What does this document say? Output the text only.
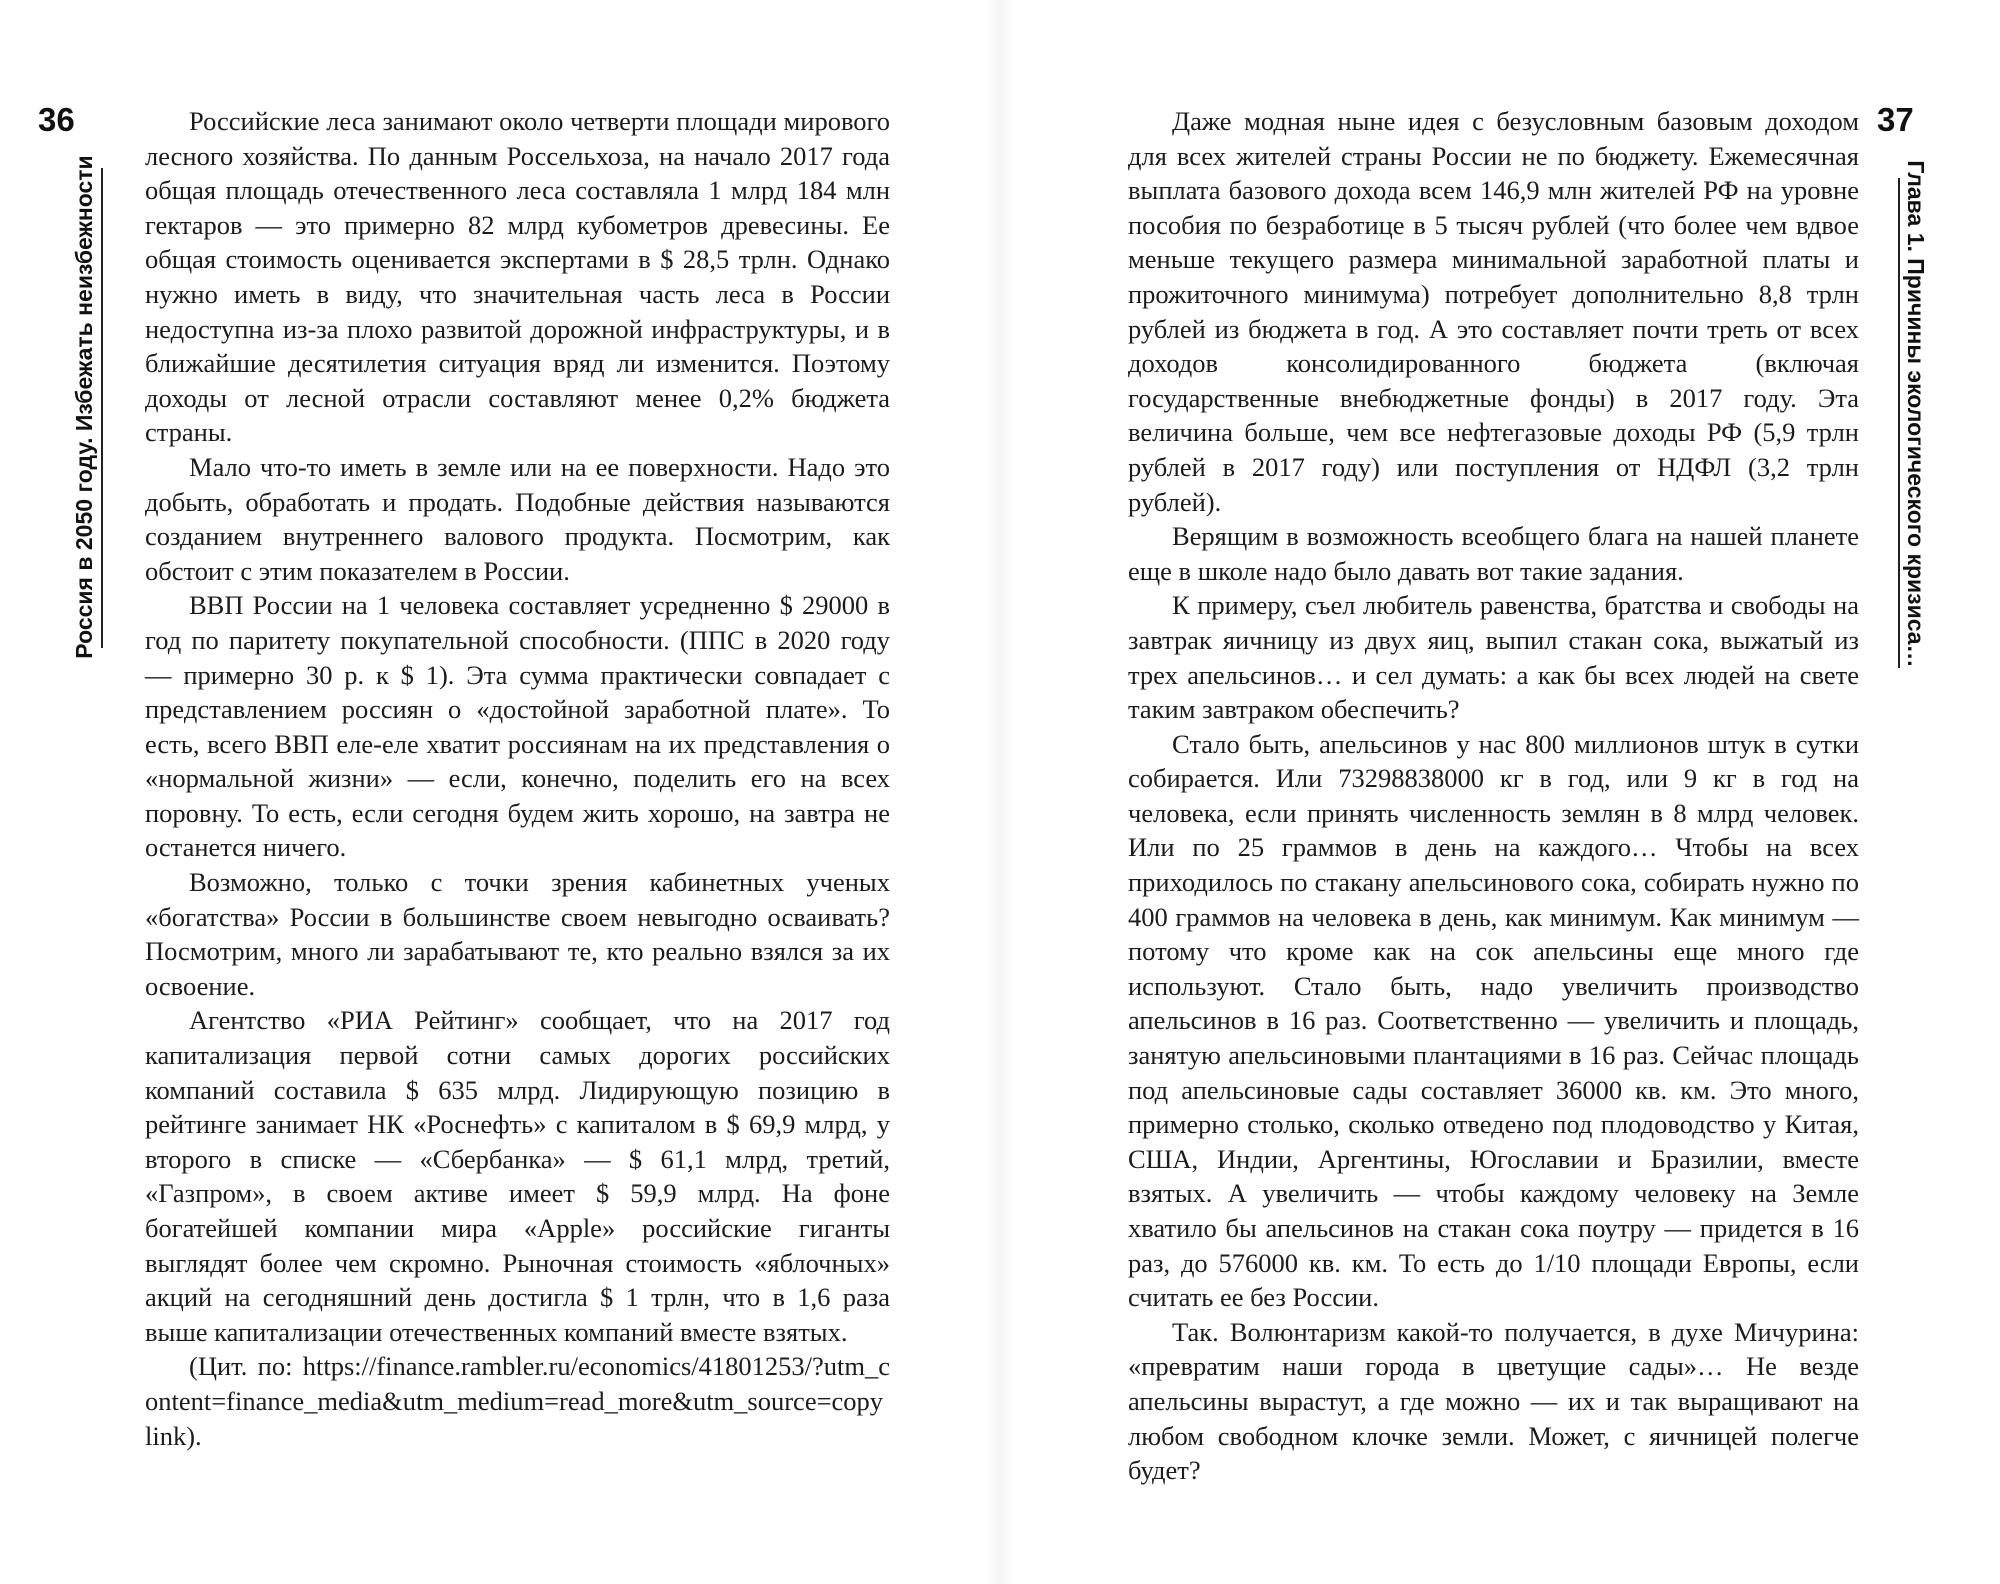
36
Россия в 2050 году. Избежать неизбежности

Российские леса занимают около четверти площади мирового лесного хозяйства. По данным Россельхоза, на начало 2017 года общая площадь отечественного леса составляла 1 млрд 184 млн гектаров — это примерно 82 млрд кубометров древесины. Ее общая стоимость оценивается экспертами в $ 28,5 трлн. Однако нужно иметь в виду, что значительная часть леса в России недоступна из-за плохо развитой дорожной инфраструктуры, и в ближайшие десятилетия ситуация вряд ли изменится. Поэтому доходы от лесной отрасли составляют менее 0,2% бюджета страны.

Мало что-то иметь в земле или на ее поверхности. Надо это добыть, обработать и продать. Подобные действия называются созданием внутреннего валового продукта. Посмотрим, как обстоит с этим показателем в России.

ВВП России на 1 человека составляет усредненно $ 29000 в год по паритету покупательной способности. (ППС в 2020 году — примерно 30 р. к $ 1). Эта сумма практически совпадает с представлением россиян о «достойной заработной плате». То есть, всего ВВП еле-еле хватит россиянам на их представления о «нормальной жизни» — если, конечно, поделить его на всех поровну. То есть, если сегодня будем жить хорошо, на завтра не останется ничего.

Возможно, только с точки зрения кабинетных ученых «богатства» России в большинстве своем невыгодно осваивать? Посмотрим, много ли зарабатывают те, кто реально взялся за их освоение.

Агентство «РИА Рейтинг» сообщает, что на 2017 год капитализация первой сотни самых дорогих российских компаний составила $ 635 млрд. Лидирующую позицию в рейтинге занимает НК «Роснефть» с капиталом в $ 69,9 млрд, у второго в списке — «Сбербанка» — $ 61,1 млрд, третий, «Газпром», в своем активе имеет $ 59,9 млрд. На фоне богатейшей компании мира «Apple» российские гиганты выглядят более чем скромно. Рыночная стоимость «яблочных» акций на сегодняшний день достигла $ 1 трлн, что в 1,6 раза выше капитализации отечественных компаний вместе взятых.

(Цит. по: https://finance.rambler.ru/economics/41801253/?utm_content=finance_media&utm_medium=read_more&utm_source=copylink).

37
Глава 1. Причины экологического кризиса…

Даже модная ныне идея с безусловным базовым доходом для всех жителей страны России не по бюджету. Ежемесячная выплата базового дохода всем 146,9 млн жителей РФ на уровне пособия по безработице в 5 тысяч рублей (что более чем вдвое меньше текущего размера минимальной заработной платы и прожиточного минимума) потребует дополнительно 8,8 трлн рублей из бюджета в год. А это составляет почти треть от всех доходов консолидированного бюджета (включая государственные внебюджетные фонды) в 2017 году. Эта величина больше, чем все нефтегазовые доходы РФ (5,9 трлн рублей в 2017 году) или поступления от НДФЛ (3,2 трлн рублей).

Верящим в возможность всеобщего блага на нашей планете еще в школе надо было давать вот такие задания.

К примеру, съел любитель равенства, братства и свободы на завтрак яичницу из двух яиц, выпил стакан сока, выжатый из трех апельсинов… и сел думать: а как бы всех людей на свете таким завтраком обеспечить?

Стало быть, апельсинов у нас 800 миллионов штук в сутки собирается. Или 73298838000 кг в год, или 9 кг в год на человека, если принять численность землян в 8 млрд человек. Или по 25 граммов в день на каждого… Чтобы на всех приходилось по стакану апельсинового сока, собирать нужно по 400 граммов на человека в день, как минимум. Как минимум — потому что кроме как на сок апельсины еще много где используют. Стало быть, надо увеличить производство апельсинов в 16 раз. Соответственно — увеличить и площадь, занятую апельсиновыми плантациями в 16 раз. Сейчас площадь под апельсиновые сады составляет 36000 кв. км. Это много, примерно столько, сколько отведено под плодоводство у Китая, США, Индии, Аргентины, Югославии и Бразилии, вместе взятых. А увеличить — чтобы каждому человеку на Земле хватило бы апельсинов на стакан сока поутру — придется в 16 раз, до 576000 кв. км. То есть до 1/10 площади Европы, если считать ее без России.

Так. Волюнтаризм какой-то получается, в духе Мичурина: «превратим наши города в цветущие сады»… Не везде апельсины вырастут, а где можно — их и так выращивают на любом свободном клочке земли. Может, с яичницей полегче будет?
